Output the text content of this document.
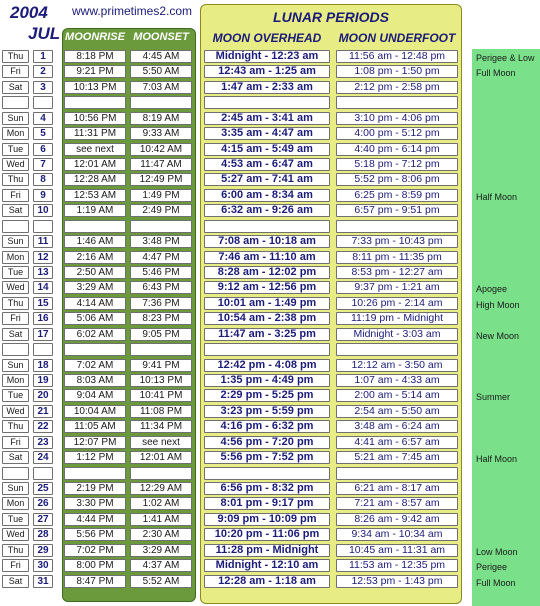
2004
JUL
www.primetimes2.com	LUNAR PERIODS
MOONRISE MOONSET	MOON OVERHEAD	MOON UNDERFOOT
Thu	1	8:18 PM	4:45 AM	Midnight - 12:23 am	11:56 am - 12:48 pm	Perigee & Low
Fri	2	9:21 PM	5:50 AM	12:43 am - 1:25 am	1:08 pm - 1:50 pm	Full Moon
Sat	3	10:13 PM	7:03 AM	1:47 am - 2:33 am	2:12 pm - 2:58 pm
Sun	4	10:56 PM	8:19 AM	2:45 am - 3:41 am	3:10 pm - 4:06 pm
Mon	5	11:31 PM	9:33 AM	3:35 am - 4:47 am	4:00 pm - 5:12 pm
Tue	6	see next	10:42 AM	4:15 am - 5:49 am	4:40 pm - 6:14 pm
Wed	7	12:01 AM	11:47 AM	4:53 am - 6:47 am	5:18 pm - 7:12 pm
Thu	8	12:28 AM	12:49 PM	5:27 am - 7:41 am	5:52 pm - 8:06 pm
Fri	9	12:53 AM	1:49 PM	6:00 am - 8:34 am	6:25 pm - 8:59 pm	Half Moon
Sat	10	1:19 AM	2:49 PM	6:32 am - 9:26 am	6:57 pm - 9:51 pm
Sun	11	1:46 AM	3:48 PM	7:08 am - 10:18 am	7:33 pm - 10:43 pm
Mon	12	2:16 AM	4:47 PM	7:46 am - 11:10 am	8:11 pm - 11:35 pm
Tue	13	2:50 AM	5:46 PM	8:28 am - 12:02 pm	8:53 pm - 12:27 am
Wed	14	3:29 AM	6:43 PM	9:12 am - 12:56 pm	9:37 pm - 1:21 am	Apogee
Thu	15	4:14 AM	7:36 PM	10:01 am - 1:49 pm	10:26 pm - 2:14 am	High Moon
Fri	16	5:06 AM	8:23 PM	10:54 am - 2:38 pm	11:19 pm - Midnight
Sat	17	6:02 AM	9:05 PM	11:47 am - 3:25 pm	Midnight - 3:03 am	New Moon
Sun	18	7:02 AM	9:41 PM	12:42 pm - 4:08 pm	12:12 am - 3:50 am
Mon	19	8:03 AM	10:13 PM	1:35 pm - 4:49 pm	1:07 am - 4:33 am
Tue	20	9:04 AM	10:41 PM	2:29 pm - 5:25 pm	2:00 am - 5:14 am	Summer
Wed	21	10:04 AM	11:08 PM	3:23 pm - 5:59 pm	2:54 am - 5:50 am
Thu	22	11:05 AM	11:34 PM	4:16 pm - 6:32 pm	3:48 am - 6:24 am
Fri	23	12:07 PM	see next	4:56 pm - 7:20 pm	4:41 am - 6:57 am
Sat	24	1:12 PM	12:01 AM	5:56 pm - 7:52 pm	5:21 am - 7:45 am	Half Moon
Sun	25	2:19 PM	12:29 AM	6:56 pm - 8:32 pm	6:21 am - 8:17 am
Mon	26	3:30 PM	1:02 AM	8:01 pm - 9:17 pm	7:21 am - 8:57 am
Tue	27	4:44 PM	1:41 AM	9:09 pm - 10:09 pm	8:26 am - 9:42 am
Wed	28	5:56 PM	2:30 AM	10:20 pm - 11:06 pm	9:34 am - 10:34 am
Thu	29	7:02 PM	3:29 AM	11:28 pm - Midnight	10:45 am - 11:31 am	Low Moon
Fri	30	8:00 PM	4:37 AM	Midnight - 12:10 am	11:53 am - 12:35 pm	Perigee
Sat	31	8:47 PM	5:52 AM	12:28 am - 1:18 am	12:53 pm - 1:43 pm	Full Moon
